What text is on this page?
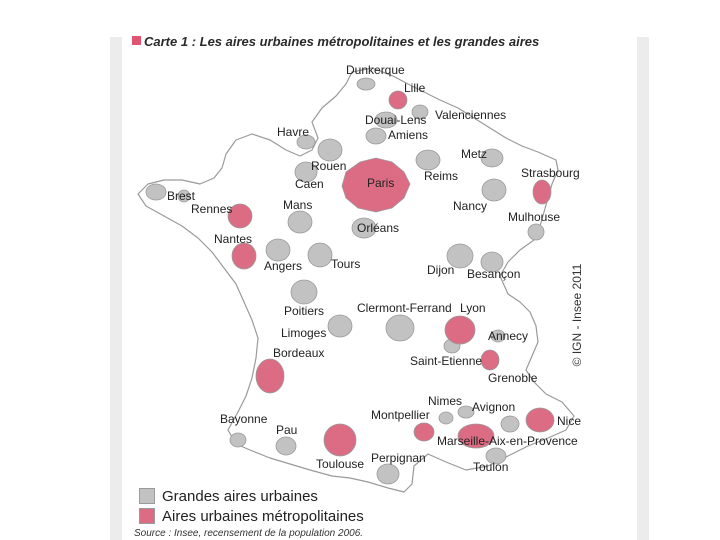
Carte 1 : Les aires urbaines métropolitaines et les grandes aires
Dunkerque
Lille
Valenciennes
Douai-Lens
Amiens
Havre
Rouen
Caen	Paris Reims
Metz
Strasbourg
Nancy
Mulhouse
Brest
Rennes	Mans
Orléans
Nantes
Angers Tours	Dijon Besançon
Poitiers	Clermont-Ferrand Lyon
Limoges	Annecy
Bordeaux
Saint-Etienne
Grenoble
Nimes Avignon
Bayonne	Montpellier	Nice
Pau
Marseille-Aix-en-Provence
Toulouse Perpignan
Toulon
© IGN - Insee 2011
Grandes aires urbaines
Aires urbaines métropolitaines
Source : Insee, recensement de la population 2006.
